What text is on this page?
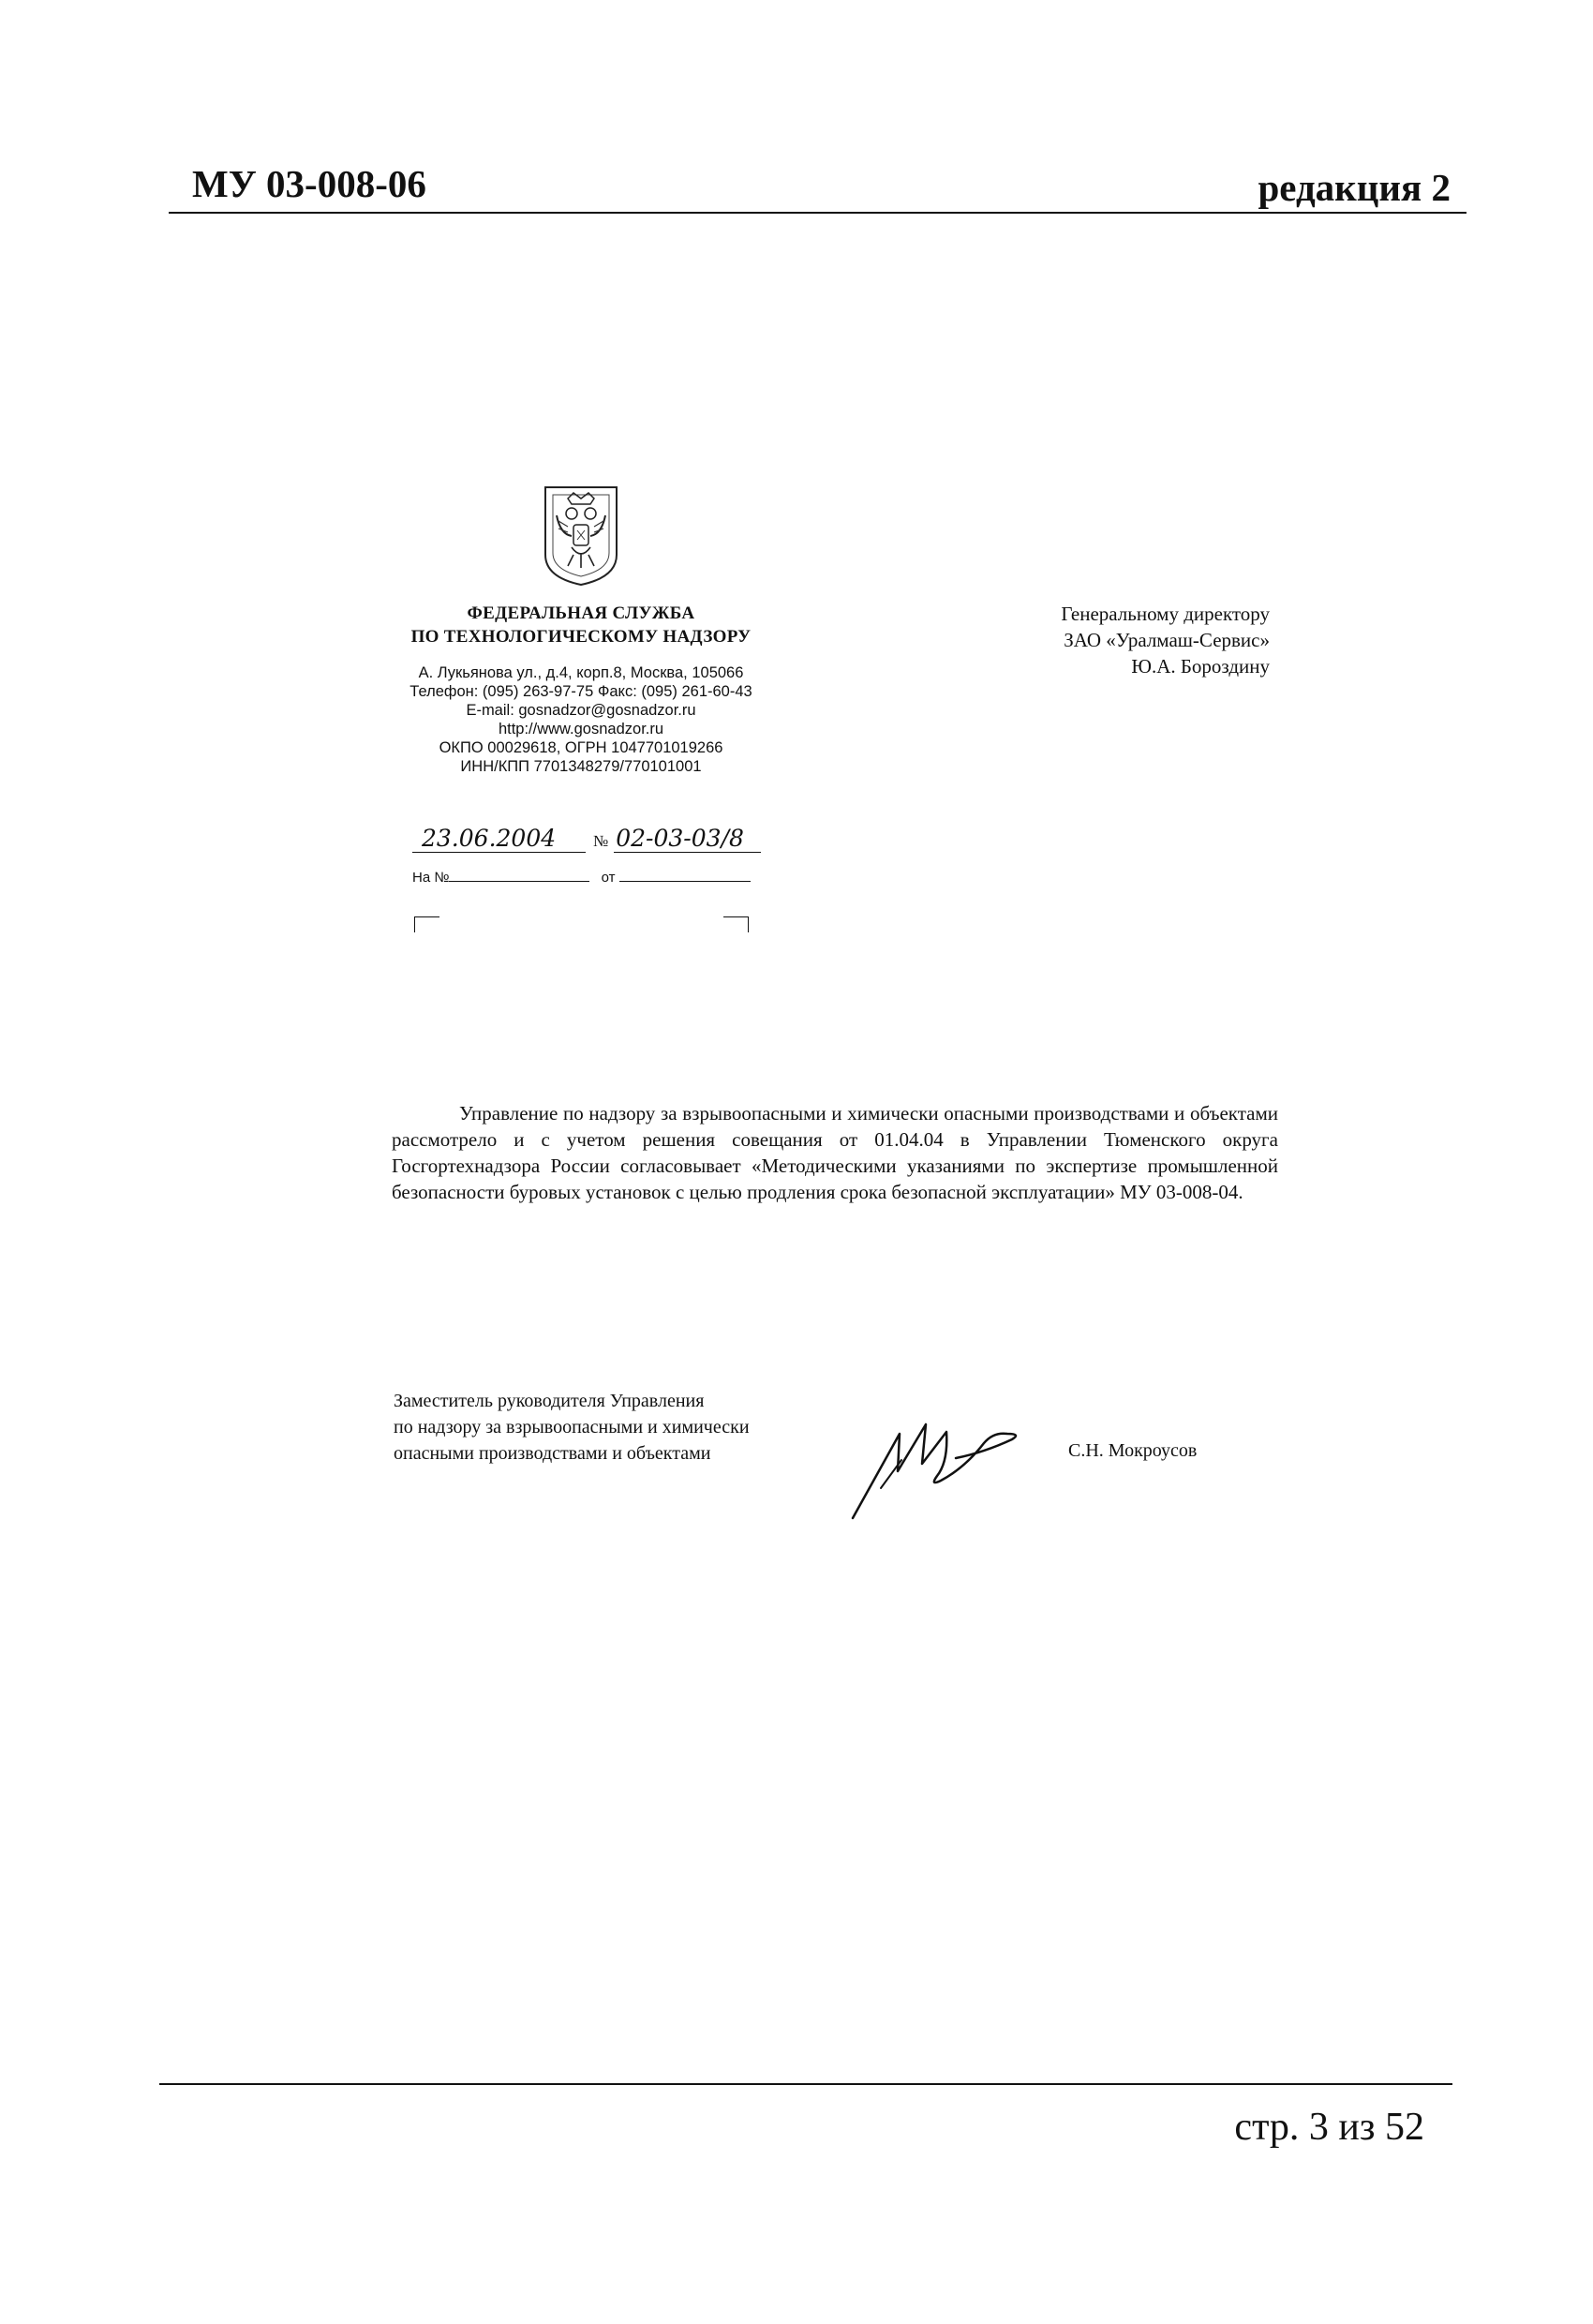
МУ 03-008-06	редакция 2
ФЕДЕРАЛЬНАЯ СЛУЖБА
ПО ТЕХНОЛОГИЧЕСКОМУ НАДЗОРУ
А. Лукьянова ул., д.4, корп.8, Москва, 105066
Телефон: (095) 263-97-75 Факс: (095) 261-60-43
E-mail: gosnadzor@gosnadzor.ru
http://www.gosnadzor.ru
ОКПО 00029618, ОГРН 1047701019266
ИНН/КПП 7701348279/770101001
23.06.2004 № 02-03-03/8
На №	от
Генеральному директору
ЗАО «Уралмаш-Сервис»
Ю.А. Бороздину
Управление по надзору за взрывоопасными и химически опасными производствами и объектами рассмотрело и с учетом решения совещания от 01.04.04 в Управлении Тюменского округа Госгортехнадзора России согласовывает «Методическими указаниями по экспертизе промышленной безопасности буровых установок с целью продления срока безопасной эксплуатации» МУ 03-008-04.
Заместитель руководителя Управления
по надзору за взрывоопасными и химически
опасными производствами и объектами	С.Н. Мокроусов
стр. 3 из 52
